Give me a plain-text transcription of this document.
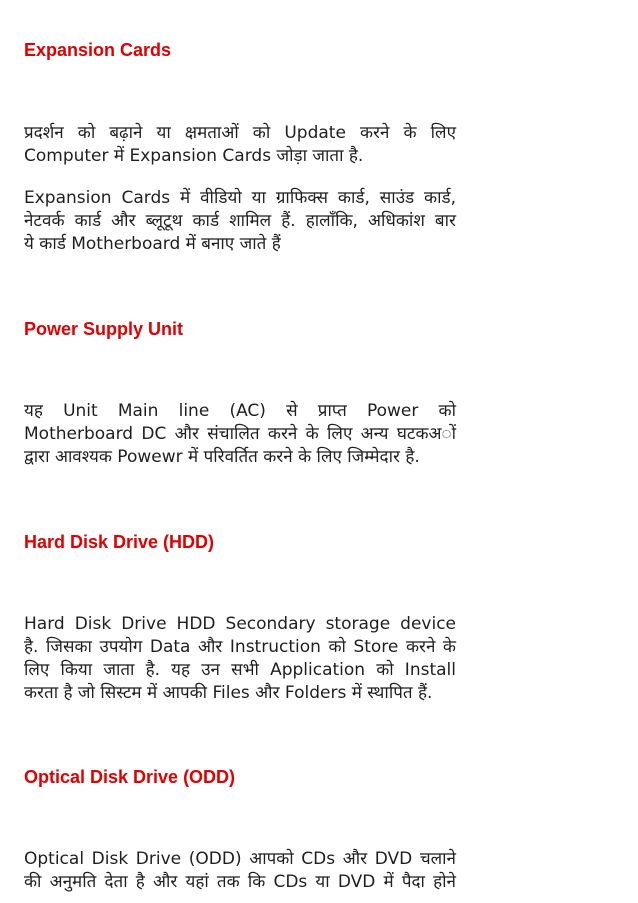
Expansion Cards

प्रदर्शन को बढ़ाने या क्षमताओं को Update करने के लिए
Computer में Expansion Cards जोड़ा जाता है.

Expansion Cards में वीडियो या ग्राफिक्स कार्ड, साउंड कार्ड,
नेटवर्क कार्ड और ब्लूटूथ कार्ड शामिल हैं. हालाँकि, अधिकांश बार
ये कार्ड Motherboard में बनाए जाते हैं

Power Supply Unit

यह Unit Main line (AC) से प्राप्त Power को
Motherboard DC और संचालित करने के लिए अन्य घटकअों
द्वारा आवश्यक Powewr में परिवर्तित करने के लिए जिम्मेदार है.

Hard Disk Drive (HDD)

Hard Disk Drive HDD Secondary storage device
है. जिसका उपयोग Data और Instruction को Store करने के
लिए किया जाता है. यह उन सभी Application को Install
करता है जो सिस्टम में आपकी Files और Folders में स्थापित हैं.

Optical Disk Drive (ODD)

Optical Disk Drive (ODD) आपको CDs और DVD चलाने
की अनुमति देता है और यहां तक कि CDs या DVD में पैदा होने
